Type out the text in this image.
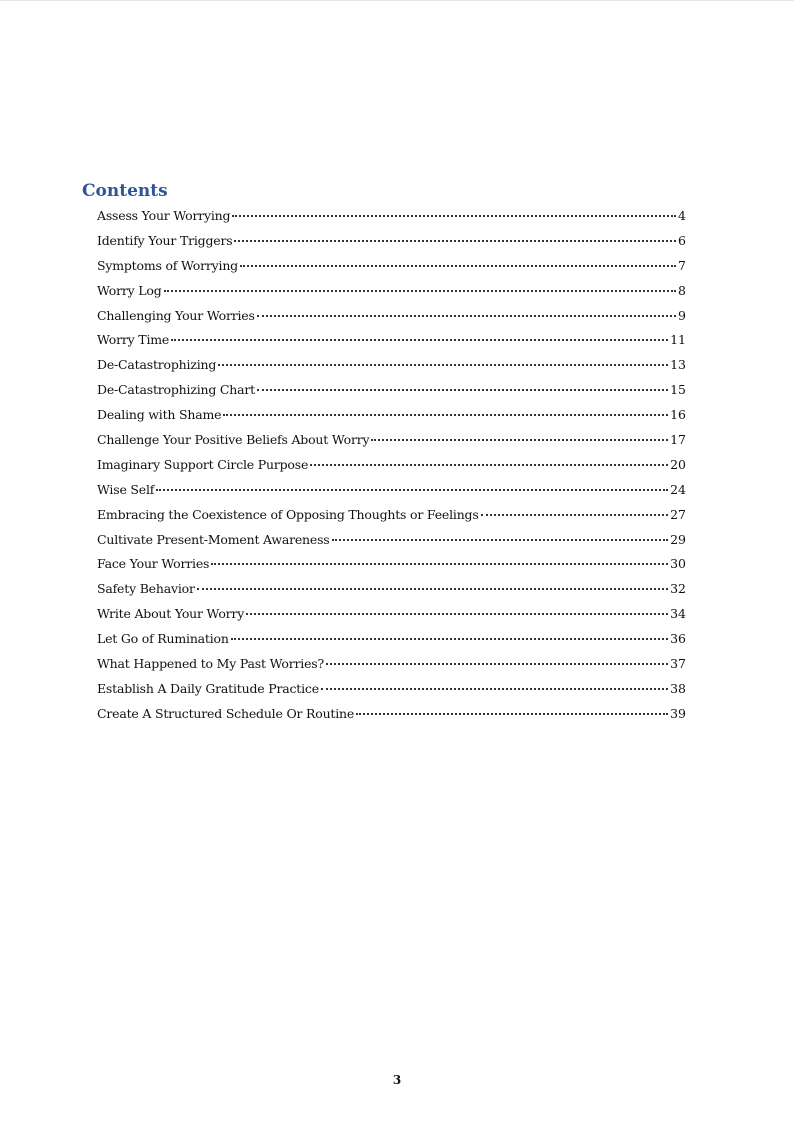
Contents
Assess Your Worrying	4
Identify Your Triggers	6
Symptoms of Worrying	7
Worry Log	8
Challenging Your Worries	9
Worry Time	11
De-Catastrophizing	13
De-Catastrophizing Chart	15
Dealing with Shame	16
Challenge Your Positive Beliefs About Worry	17
Imaginary Support Circle Purpose	20
Wise Self	24
Embracing the Coexistence of Opposing Thoughts or Feelings	27
Cultivate Present-Moment Awareness	29
Face Your Worries	30
Safety Behavior	32
Write About Your Worry	34
Let Go of Rumination	36
What Happened to My Past Worries?	37
Establish A Daily Gratitude Practice	38
Create A Structured Schedule Or Routine	39
3
